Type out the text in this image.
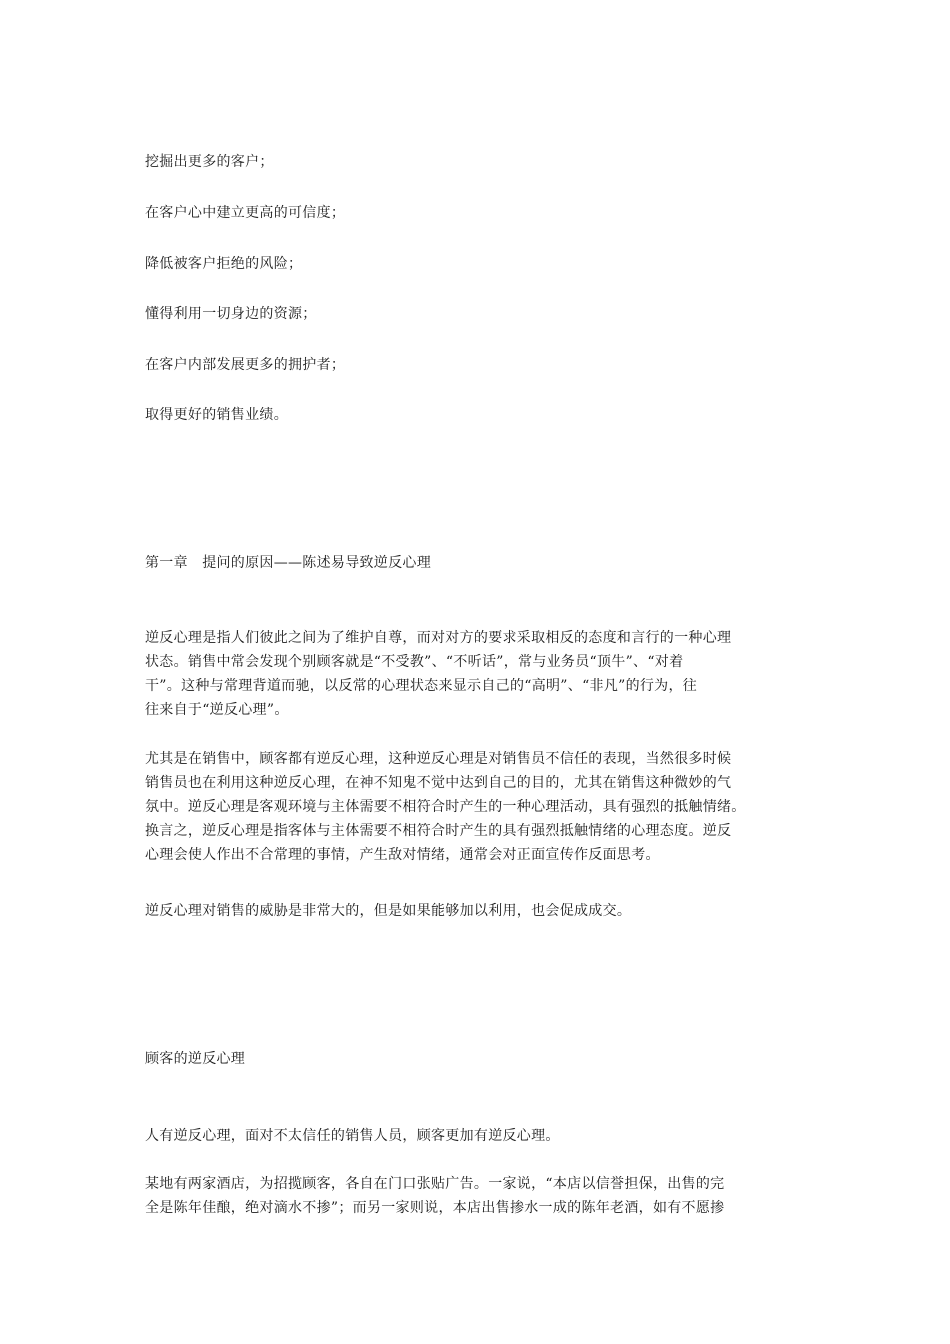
挖掘出更多的客户；
在客户心中建立更高的可信度；
降低被客户拒绝的风险；
懂得利用一切身边的资源；
在客户内部发展更多的拥护者；
取得更好的销售业绩。
第一章　提问的原因——陈述易导致逆反心理
逆反心理是指人们彼此之间为了维护自尊，而对对方的要求采取相反的态度和言行的一种心理
状态。销售中常会发现个别顾客就是“不受教”、“不听话”，常与业务员“顶牛”、“对着
干”。这种与常理背道而驰，以反常的心理状态来显示自己的“高明”、“非凡”的行为，往
往来自于“逆反心理”。
尤其是在销售中，顾客都有逆反心理，这种逆反心理是对销售员不信任的表现，当然很多时候
销售员也在利用这种逆反心理，在神不知鬼不觉中达到自己的目的，尤其在销售这种微妙的气
氛中。逆反心理是客观环境与主体需要不相符合时产生的一种心理活动，具有强烈的抵触情绪。
换言之，逆反心理是指客体与主体需要不相符合时产生的具有强烈抵触情绪的心理态度。逆反
心理会使人作出不合常理的事情，产生敌对情绪，通常会对正面宣传作反面思考。
逆反心理对销售的威胁是非常大的，但是如果能够加以利用，也会促成成交。
顾客的逆反心理
人有逆反心理，面对不太信任的销售人员，顾客更加有逆反心理。
某地有两家酒店，为招揽顾客，各自在门口张贴广告。一家说，“本店以信誉担保，出售的完
全是陈年佳酿，绝对滴水不掺”；而另一家则说，本店出售掺水一成的陈年老酒，如有不愿掺
